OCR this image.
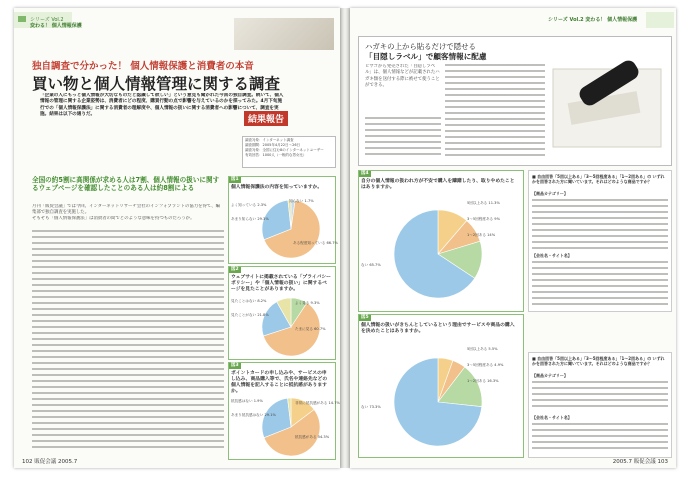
シリーズ Vol.2
変わる！ 個人情報保護
独自調査で分かった！ 個人情報保護と消費者の本音
買い物と個人情報管理に関する調査
「企業の人にもっと個人情報が大切なものだと認識して欲しい」という意見も聞かれた今回の独自調査。続いて、個人情報の管理に関する企業姿勢は、消費者にどの程度、購買行動の点で影響を与えているのかを探ってみた。4月下旬施行での「個人情報保護法」に関する消費者の理解度や、個人情報の扱いに関する消費者への影響について、調査を実施。結果は以下の通りだ。
結果報告
調査対象：インターネット調査
調査期間：2005年4月22日～26日
調査対象：全国に住む8のインターネットユーザー
有効回答：1000人（一般的な男女比）
全国の約5割に高関係が求める人は7割、個人情報の扱いに関するウェブページを確認したことのある人は約8割による
月刊「販促会議」では今回、インターネットリサーチ会社のインフォプラントの協力を得て、編集部で独自調査を実施した。
そもそも「個人情報保護法」は消費者の間でどのような意味を持つものだろうか。
図1
個人情報保護法の内容を知っていますか。
よく知っている 2.3%
知らない 1.7%
あまり知らない 29.3%
ある程度知っている 66.7%
図2
ウェブサイトに掲載されている「プライバシーポリシー」や「個人情報の扱い」に関するページを見たことがありますか。
見たことはない 8.2%	よく見る 9.3%
見たことがない 21.8%
たまに見る 60.7%
図3
ポイントカードの申し込みや、サービスの申し込み、商品購入等で、氏名や連絡先などの個人情報を記入することに抵抗感がありますか。
抵抗感はない 1.9%	非常に抵抗感がある 14.7%
あまり抵抗感はない 29.1%
抵抗感がある 54.3%
102 販促会議 2005.7
シリーズ Vol.2 変わる！ 個人情報保護
ハガキの上から貼るだけで隠せる
「目隠しラベル」で顧客情報に配慮
ヒサゴから発売された「目隠しラベル」は、個人情報などが記載されたハガキ類を送付する際に被せて使うことができる。
図4
自分の個人情報の扱われ方が不安で購入を躊躇したり、取りやめたことはありますか。
5回以上ある 11.3%
3～5回程度ある 9%
1～2回ある 14%
ない 65.7%
図5
個人情報の扱いがきちんとしているという理由でサービスや商品の購入を決めたことはありますか。
5回以上ある 5.5%
3～5回程度ある 4.9%
1～2回ある 16.3%
ない 73.3%
■ 自由回答「5回以上ある」「3～5回程度ある」「1～2回ある」の いずれかを回答された方に聞いています。それはどのような商品ですか？
【商品カテゴリー】
【会社名・サイト名】
■ 自由回答「5回以上ある」「3～5回程度ある」「1～2回ある」の いずれかを回答された方に聞いています。それはどのような商品ですか？
【商品カテゴリー】
【会社名・サイト名】
2005.7 販促会議 103
